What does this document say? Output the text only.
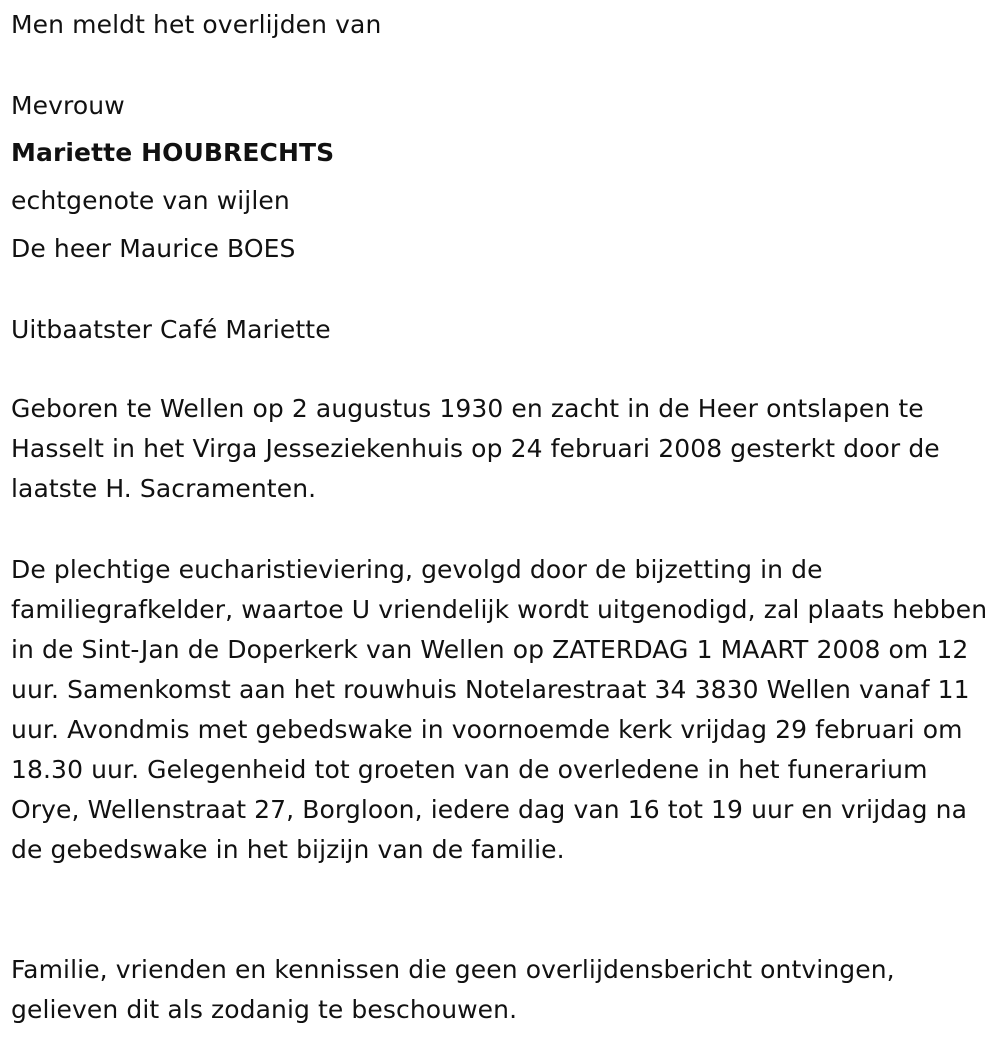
Men meldt het overlijden van
Mevrouw
Mariette HOUBRECHTS
echtgenote van wijlen
De heer Maurice BOES
Uitbaatster Café Mariette

Geboren te Wellen op 2 augustus 1930 en zacht in de Heer ontslapen te Hasselt in het Virga Jesseziekenhuis op 24 februari 2008 gesterkt door de laatste H. Sacramenten.

De plechtige eucharistieviering, gevolgd door de bijzetting in de familiegrafkelder, waartoe U vriendelijk wordt uitgenodigd, zal plaats hebben in de Sint-Jan de Doperkerk van Wellen op ZATERDAG 1 MAART 2008 om 12 uur. Samenkomst aan het rouwhuis Notelarestraat 34 3830 Wellen vanaf 11 uur. Avondmis met gebedswake in voornoemde kerk vrijdag 29 februari om 18.30 uur. Gelegenheid tot groeten van de overledene in het funerarium Orye, Wellenstraat 27, Borgloon, iedere dag van 16 tot 19 uur en vrijdag na de gebedswake in het bijzijn van de familie.

Familie, vrienden en kennissen die geen overlijdensbericht ontvingen, gelieven dit als zodanig te beschouwen.
